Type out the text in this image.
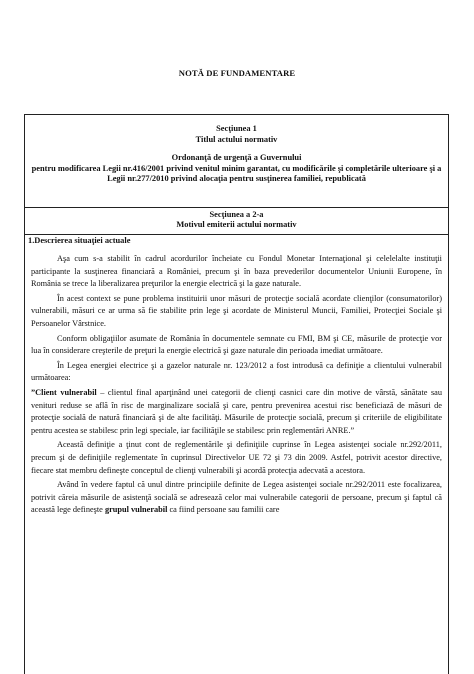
NOTĂ DE FUNDAMENTARE
Secţiunea 1
Titlul actului normativ
Ordonanţă de urgenţă a Guvernului
pentru modificarea Legii nr.416/2001 privind venitul minim garantat, cu modificările şi completările ulterioare şi a Legii nr.277/2010 privind alocaţia pentru susţinerea familiei, republicată
Secţiunea a 2-a
Motivul emiterii actului normativ
1.Descrierea situaţiei actuale

Aşa cum s-a stabilit în cadrul acordurilor încheiate cu Fondul Monetar Internaţional şi celelelalte instituţii participante la susţinerea financiară a României, precum şi în baza prevederilor documentelor Uniunii Europene, în România se trece la liberalizarea preţurilor la energie electrică şi la gaze naturale.

În acest context se pune problema instituirii unor măsuri de protecţie socială acordate clienţilor (consumatorilor) vulnerabili, măsuri ce ar urma să fie stabilite prin lege şi acordate de Ministerul Muncii, Familiei, Protecţiei Sociale şi Persoanelor Vârstnice.

Conform obligaţiilor asumate de România în documentele semnate cu FMI, BM şi CE, măsurile de protecţie vor lua în considerare creşterile de preţuri la energie electrică şi gaze naturale din perioada imediat următoare.

În Legea energiei electrice şi a gazelor naturale nr. 123/2012 a fost introdusă ca definiţie a clientului vulnerabil următoarea:

”Client vulnerabil – clientul final aparţinând unei categorii de clienţi casnici care din motive de vârstă, sănătate sau venituri reduse se află în risc de marginalizare socială şi care, pentru prevenirea acestui risc beneficiază de măsuri de protecţie socială de natură financiară şi de alte facilităţi. Măsurile de protecţie socială, precum şi criteriile de eligibilitate pentru acestea se stabilesc prin legi speciale, iar facilităţile se stabilesc prin reglementări ANRE.”

Această definiţie a ţinut cont de reglementările şi definiţiile cuprinse în Legea asistenţei sociale nr.292/2011, precum şi de definiţiile reglementate în cuprinsul Directivelor UE 72 şi 73 din 2009. Astfel, potrivit acestor directive, fiecare stat membru defineşte conceptul de clienţi vulnerabili şi acordă protecţia adecvată a acestora.

Având în vedere faptul că unul dintre principiile definite de Legea asistenţei sociale nr.292/2011 este focalizarea, potrivit căreia măsurile de asistenţă socială se adresează celor mai vulnerabile categorii de persoane, precum şi faptul că această lege defineşte grupul vulnerabil ca fiind persoane sau familii care
